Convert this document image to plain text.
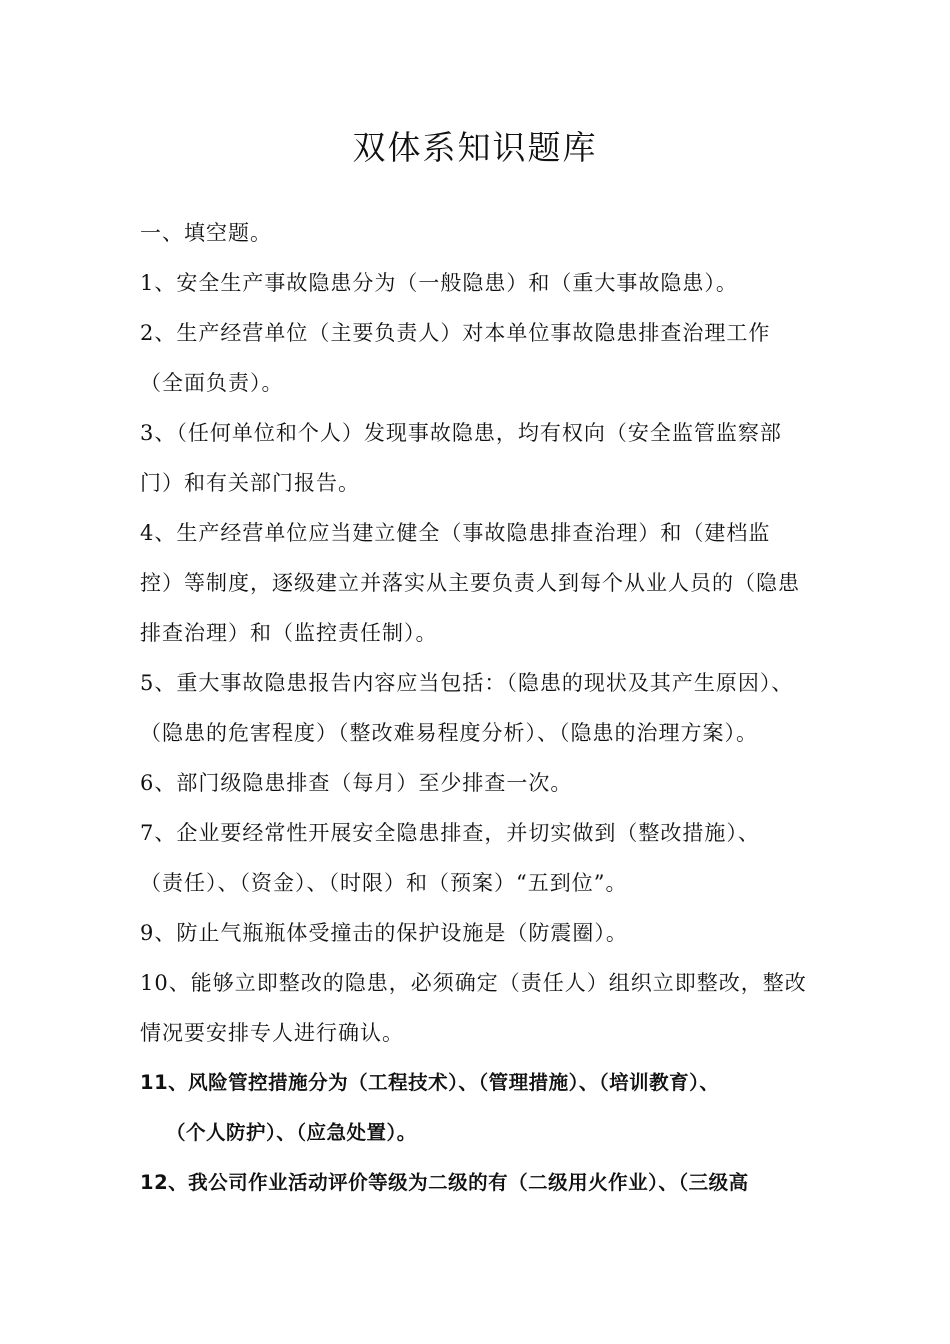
双体系知识题库
一、填空题。
1、安全生产事故隐患分为（一般隐患）和（重大事故隐患）。
2、生产经营单位（主要负责人）对本单位事故隐患排查治理工作
（全面负责）。
3、（任何单位和个人）发现事故隐患，均有权向（安全监管监察部
门）和有关部门报告。
4、生产经营单位应当建立健全（事故隐患排查治理）和（建档监
控）等制度，逐级建立并落实从主要负责人到每个从业人员的（隐患
排查治理）和（监控责任制）。
5、重大事故隐患报告内容应当包括：（隐患的现状及其产生原因）、
（隐患的危害程度）（整改难易程度分析）、（隐患的治理方案）。
6、部门级隐患排查（每月）至少排查一次。
7、企业要经常性开展安全隐患排查，并切实做到（整改措施）、
（责任）、（资金）、（时限）和（预案）“五到位”。
9、防止气瓶瓶体受撞击的保护设施是（防震圈）。
10、能够立即整改的隐患，必须确定（责任人）组织立即整改，整改
情况要安排专人进行确认。
11、风险管控措施分为（工程技术）、（管理措施）、（培训教育）、
（个人防护）、（应急处置）。
12、我公司作业活动评价等级为二级的有（二级用火作业）、（三级高
